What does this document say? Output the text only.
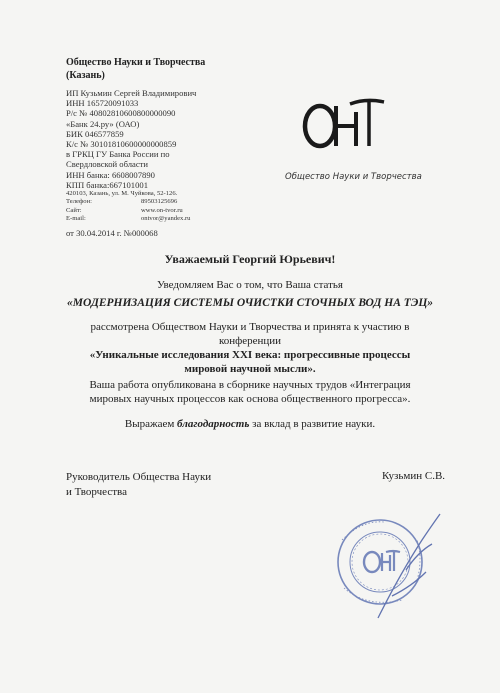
Общество Науки и Творчества
(Казань)
ИП Кузьмин Сергей Владимирович
ИНН 165720091033
Р/с № 40802810600800000090
«Банк 24.ру» (ОАО)
БИК 046577859
К/с № 30101810600000000859
в ГРКЦ ГУ Банка России по
Свердловской области
ИНН банка: 6608007890
КПП банка:667101001
420103, Казань, ул. М. Чуйкова, 52-126.
Телефон:	89503125696
Сайт:	www.on-tvor.ru
E-mail:	ontvor@yandex.ru
Общество Науки и Творчества
от 30.04.2014 г. №000068
Уважаемый Георгий Юрьевич!
Уведомляем Вас о том, что Ваша статья
«МОДЕРНИЗАЦИЯ СИСТЕМЫ ОЧИСТКИ СТОЧНЫХ ВОД НА ТЭЦ»
рассмотрена Обществом Науки и Творчества и принята к участию в конференции
«Уникальные исследования XXI века: прогрессивные процессы мировой научной мысли».
Ваша работа опубликована в сборнике научных трудов «Интеграция мировых научных процессов как основа общественного прогресса».
Выражаем благодарность за вклад в развитие науки.
Руководитель Общества Науки
и Творчества
Кузьмин С.В.
